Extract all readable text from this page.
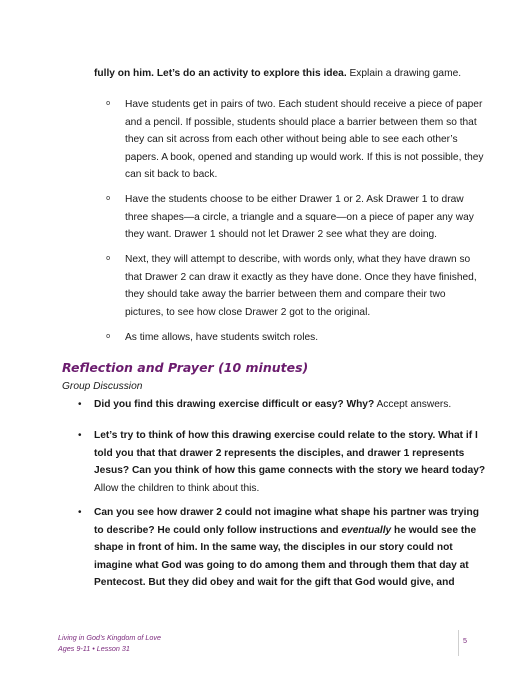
fully on him. Let’s do an activity to explore this idea. Explain a drawing game.

o	Have students get in pairs of two. Each student should receive a piece of paper and a pencil. If possible, students should place a barrier between them so that they can sit across from each other without being able to see each other’s papers. A book, opened and standing up would work. If this is not possible, they can sit back to back.
o	Have the students choose to be either Drawer 1 or 2. Ask Drawer 1 to draw three shapes—a circle, a triangle and a square—on a piece of paper any way they want. Drawer 1 should not let Drawer 2 see what they are doing.
o	Next, they will attempt to describe, with words only, what they have drawn so that Drawer 2 can draw it exactly as they have done. Once they have finished, they should take away the barrier between them and compare their two pictures, to see how close Drawer 2 got to the original.
o	As time allows, have students switch roles.
Reflection and Prayer (10 minutes)
Group Discussion
• Did you find this drawing exercise difficult or easy? Why? Accept answers.
• Let’s try to think of how this drawing exercise could relate to the story. What if I told you that that drawer 2 represents the disciples, and drawer 1 represents Jesus? Can you think of how this game connects with the story we heard today? Allow the children to think about this.
• Can you see how drawer 2 could not imagine what shape his partner was trying to describe? He could only follow instructions and eventually he would see the shape in front of him. In the same way, the disciples in our story could not imagine what God was going to do among them and through them that day at Pentecost. But they did obey and wait for the gift that God would give, and
Living in God’s Kingdom of Love
Ages 9-11 • Lesson 31
5
